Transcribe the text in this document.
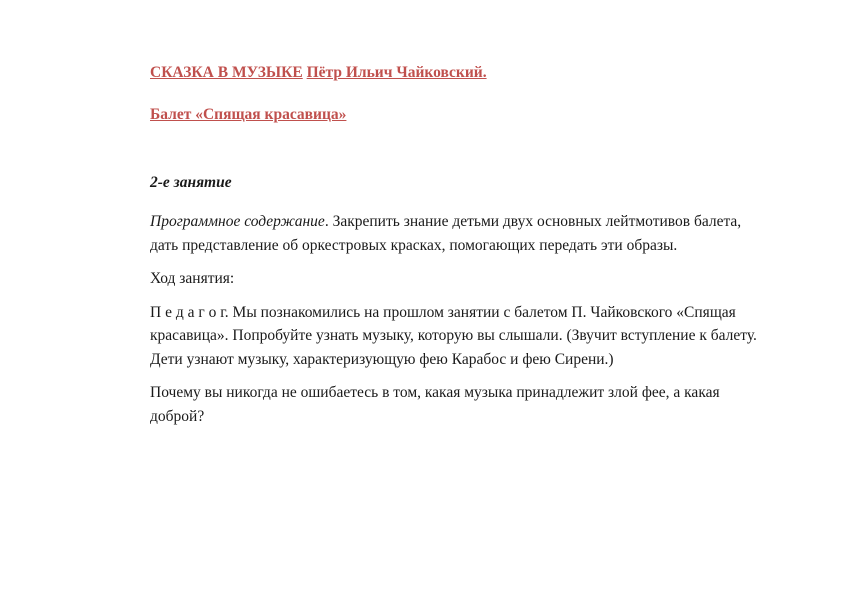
СКАЗКА В МУЗЫКЕ Пётр Ильич Чайковский.
Балет «Спящая красавица»
2-е занятие

Программное содержание. Закрепить знание детьми двух основных лейтмотивов балета, дать представление об оркестровых красках, помогающих передать эти образы.

Ход занятия:

П е д а г о г. Мы познакомились на прошлом занятии с балетом П. Чайковского «Спящая красавица». Попробуйте узнать музыку, которую вы слышали. (Звучит вступление к балету. Дети узнают музыку, характеризующую фею Карабос и фею Сирени.)

Почему вы никогда не ошибаетесь в том, какая музыка принадлежит злой фее, а какая доброй?
